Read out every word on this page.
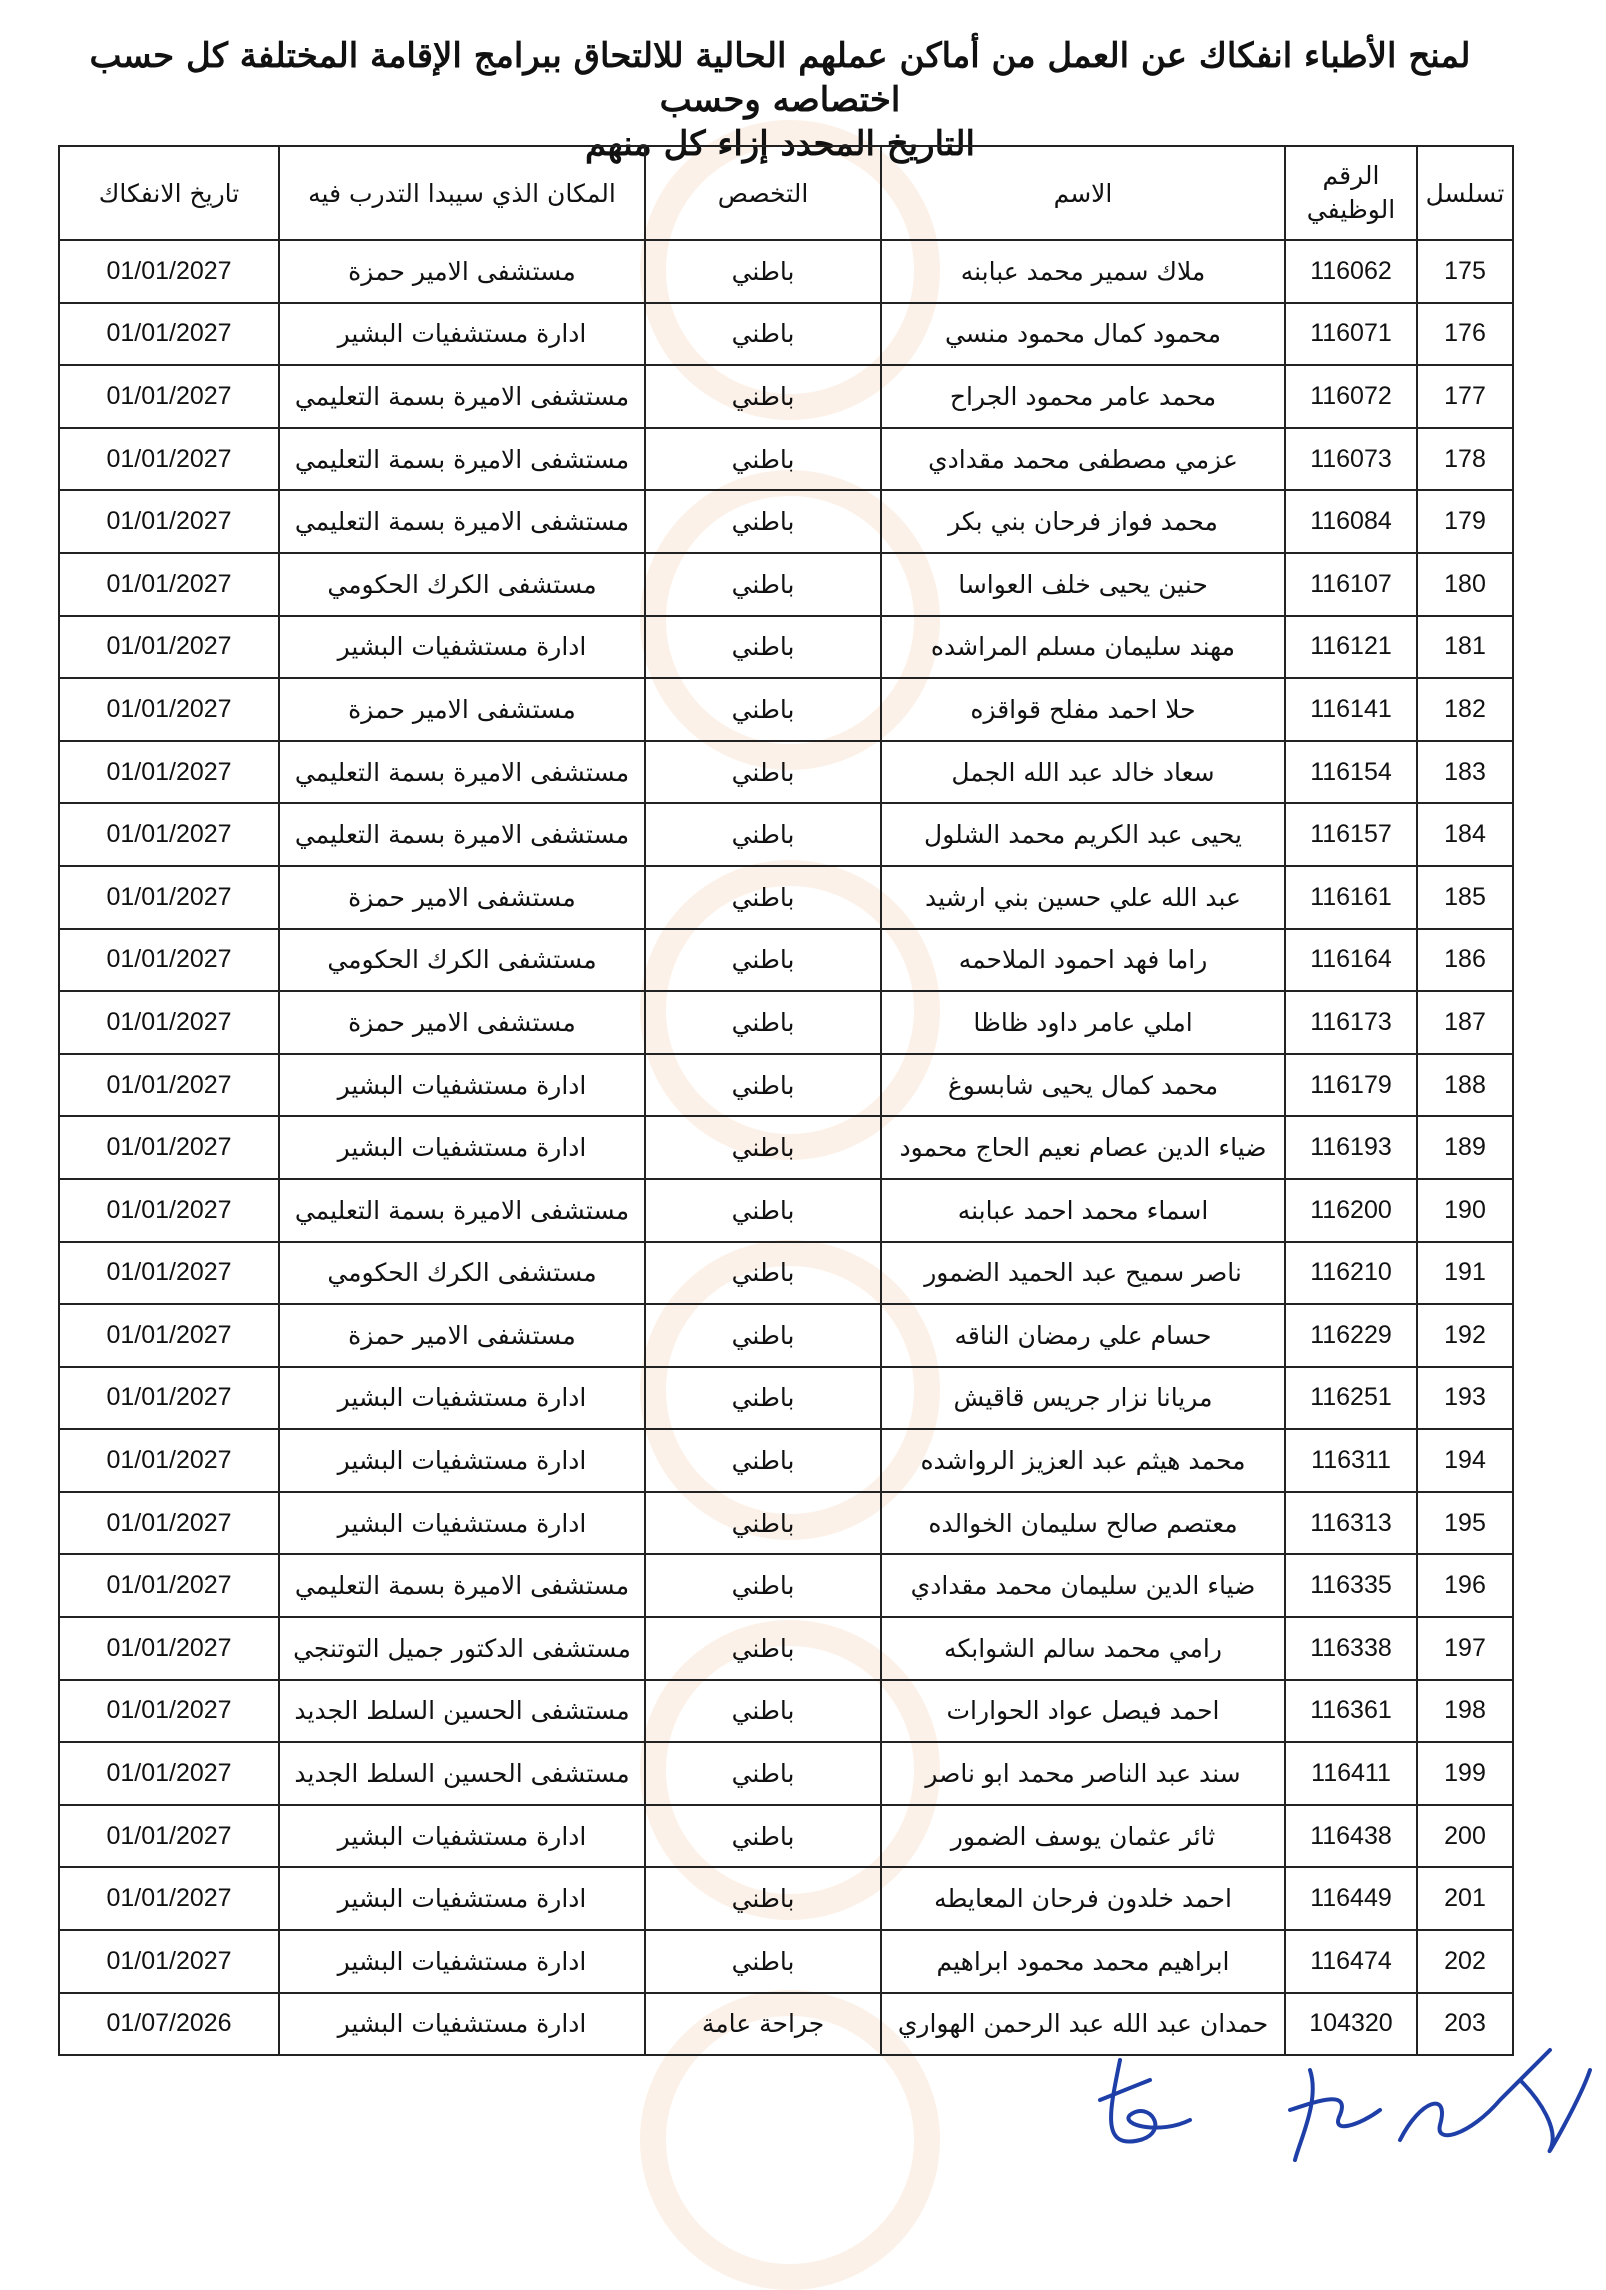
لمنح الأطباء انفكاك عن العمل من أماكن عملهم الحالية للالتحاق ببرامج الإقامة المختلفة كل حسب اختصاصه وحسب
التاريخ المحدد إزاء كل منهم
تسلسل	الرقم الوظيفي	الاسم	التخصص	المكان الذي سيبدا التدرب فيه	تاريخ الانفكاك
175	116062	ملاك سمير محمد عبابنه	باطني	مستشفى الامير حمزة	01/01/2027
176	116071	محمود كمال محمود منسي	باطني	ادارة مستشفيات البشير	01/01/2027
177	116072	محمد عامر محمود الجراح	باطني	مستشفى الاميرة بسمة التعليمي	01/01/2027
178	116073	عزمي مصطفى محمد مقدادي	باطني	مستشفى الاميرة بسمة التعليمي	01/01/2027
179	116084	محمد فواز فرحان بني بكر	باطني	مستشفى الاميرة بسمة التعليمي	01/01/2027
180	116107	حنين يحيى خلف العواسا	باطني	مستشفى الكرك الحكومي	01/01/2027
181	116121	مهند سليمان مسلم المراشده	باطني	ادارة مستشفيات البشير	01/01/2027
182	116141	حلا احمد مفلح قواقزه	باطني	مستشفى الامير حمزة	01/01/2027
183	116154	سعاد خالد عبد الله الجمل	باطني	مستشفى الاميرة بسمة التعليمي	01/01/2027
184	116157	يحيى عبد الكريم محمد الشلول	باطني	مستشفى الاميرة بسمة التعليمي	01/01/2027
185	116161	عبد الله علي حسين بني ارشيد	باطني	مستشفى الامير حمزة	01/01/2027
186	116164	راما فهد احمود الملاحمه	باطني	مستشفى الكرك الحكومي	01/01/2027
187	116173	املي عامر داود ظاظا	باطني	مستشفى الامير حمزة	01/01/2027
188	116179	محمد كمال يحيى شابسوغ	باطني	ادارة مستشفيات البشير	01/01/2027
189	116193	ضياء الدين عصام نعيم الحاج محمود	باطني	ادارة مستشفيات البشير	01/01/2027
190	116200	اسماء محمد احمد عبابنه	باطني	مستشفى الاميرة بسمة التعليمي	01/01/2027
191	116210	ناصر سميح عبد الحميد الضمور	باطني	مستشفى الكرك الحكومي	01/01/2027
192	116229	حسام علي رمضان الناقه	باطني	مستشفى الامير حمزة	01/01/2027
193	116251	مريانا نزار جريس قاقيش	باطني	ادارة مستشفيات البشير	01/01/2027
194	116311	محمد هيثم عبد العزيز الرواشده	باطني	ادارة مستشفيات البشير	01/01/2027
195	116313	معتصم صالح سليمان الخوالده	باطني	ادارة مستشفيات البشير	01/01/2027
196	116335	ضياء الدين سليمان محمد مقدادي	باطني	مستشفى الاميرة بسمة التعليمي	01/01/2027
197	116338	رامي محمد سالم الشوابكه	باطني	مستشفى الدكتور جميل التوتنجي	01/01/2027
198	116361	احمد فيصل عواد الحوارات	باطني	مستشفى الحسين السلط الجديد	01/01/2027
199	116411	سند عبد الناصر محمد ابو ناصر	باطني	مستشفى الحسين السلط الجديد	01/01/2027
200	116438	ثائر عثمان يوسف الضمور	باطني	ادارة مستشفيات البشير	01/01/2027
201	116449	احمد خلدون فرحان المعايطه	باطني	ادارة مستشفيات البشير	01/01/2027
202	116474	ابراهيم محمد محمود ابراهيم	باطني	ادارة مستشفيات البشير	01/01/2027
203	104320	حمدان عبد الله عبد الرحمن الهواري	جراحة عامة	ادارة مستشفيات البشير	01/07/2026
